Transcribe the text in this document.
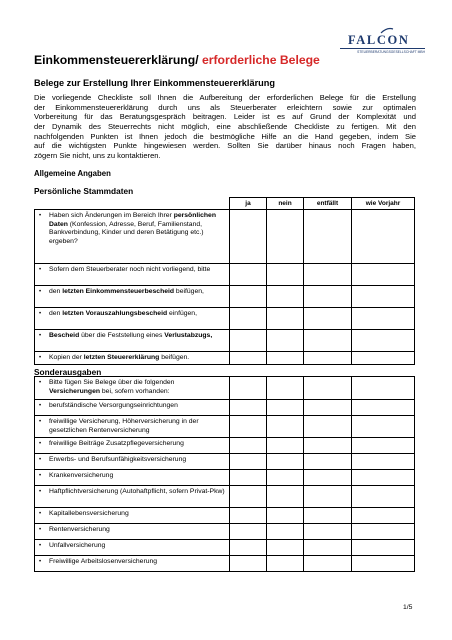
FALCON
STEUERBERATUNGSGESELLSCHAFT MBH
Einkommensteuererklärung/ erforderliche Belege
Belege zur Erstellung Ihrer Einkommensteuererklärung
Die vorliegende Checkliste soll Ihnen die Aufbereitung der erforderlichen Belege für die Erstellung
der Einkommensteuererklärung durch uns als Steuerberater erleichtern sowie zur optimalen
Vorbereitung für das Beratungsgespräch beitragen. Leider ist es auf Grund der Komplexität und
der Dynamik des Steuerrechts nicht möglich, eine abschließende Checkliste zu fertigen. Mit den
nachfolgenden Punkten ist Ihnen jedoch die bestmögliche Hilfe an die Hand gegeben, indem Sie
auf die wichtigsten Punkte hingewiesen werden. Sollten Sie darüber hinaus noch Fragen haben,
zögern Sie nicht, uns zu kontaktieren.
Allgemeine Angaben
Persönliche Stammdaten
	ja	nein	entfällt	wie Vorjahr

• Haben sich Änderungen im Bereich Ihrer persönlichen Daten (Konfession, Adresse, Beruf, Familienstand, Bankverbindung, Kinder und deren Betätigung etc.) ergeben?				

• Sofern dem Steuerberater noch nicht vorliegend, bitte				

• den letzten Einkommensteuerbescheid beifügen,				

• den letzten Vorauszahlungsbescheid einfügen,				

• Bescheid über die Feststellung eines Verlustabzugs,				

• Kopien der letzten Steuererklärung beifügen.				

Sonderausgaben
• Bitte fügen Sie Belege über die folgenden Versicherungen bei, sofern vorhanden:				

• berufständische Versorgungseinrichtungen				

• freiwillige Versicherung, Höherversicherung in der gesetzlichen Rentenversicherung				

• freiwillige Beiträge Zusatzpflegeversicherung				

• Erwerbs- und Berufsunfähigkeitsversicherung				

• Krankenversicherung				

• Haftpflichtversicherung (Autohaftpflicht, sofern Privat-Pkw)				

• Kapitallebensversicherung				

• Rentenversicherung				

• Unfallversicherung				

• Freiwillige Arbeitslosenversicherung				

1/5
